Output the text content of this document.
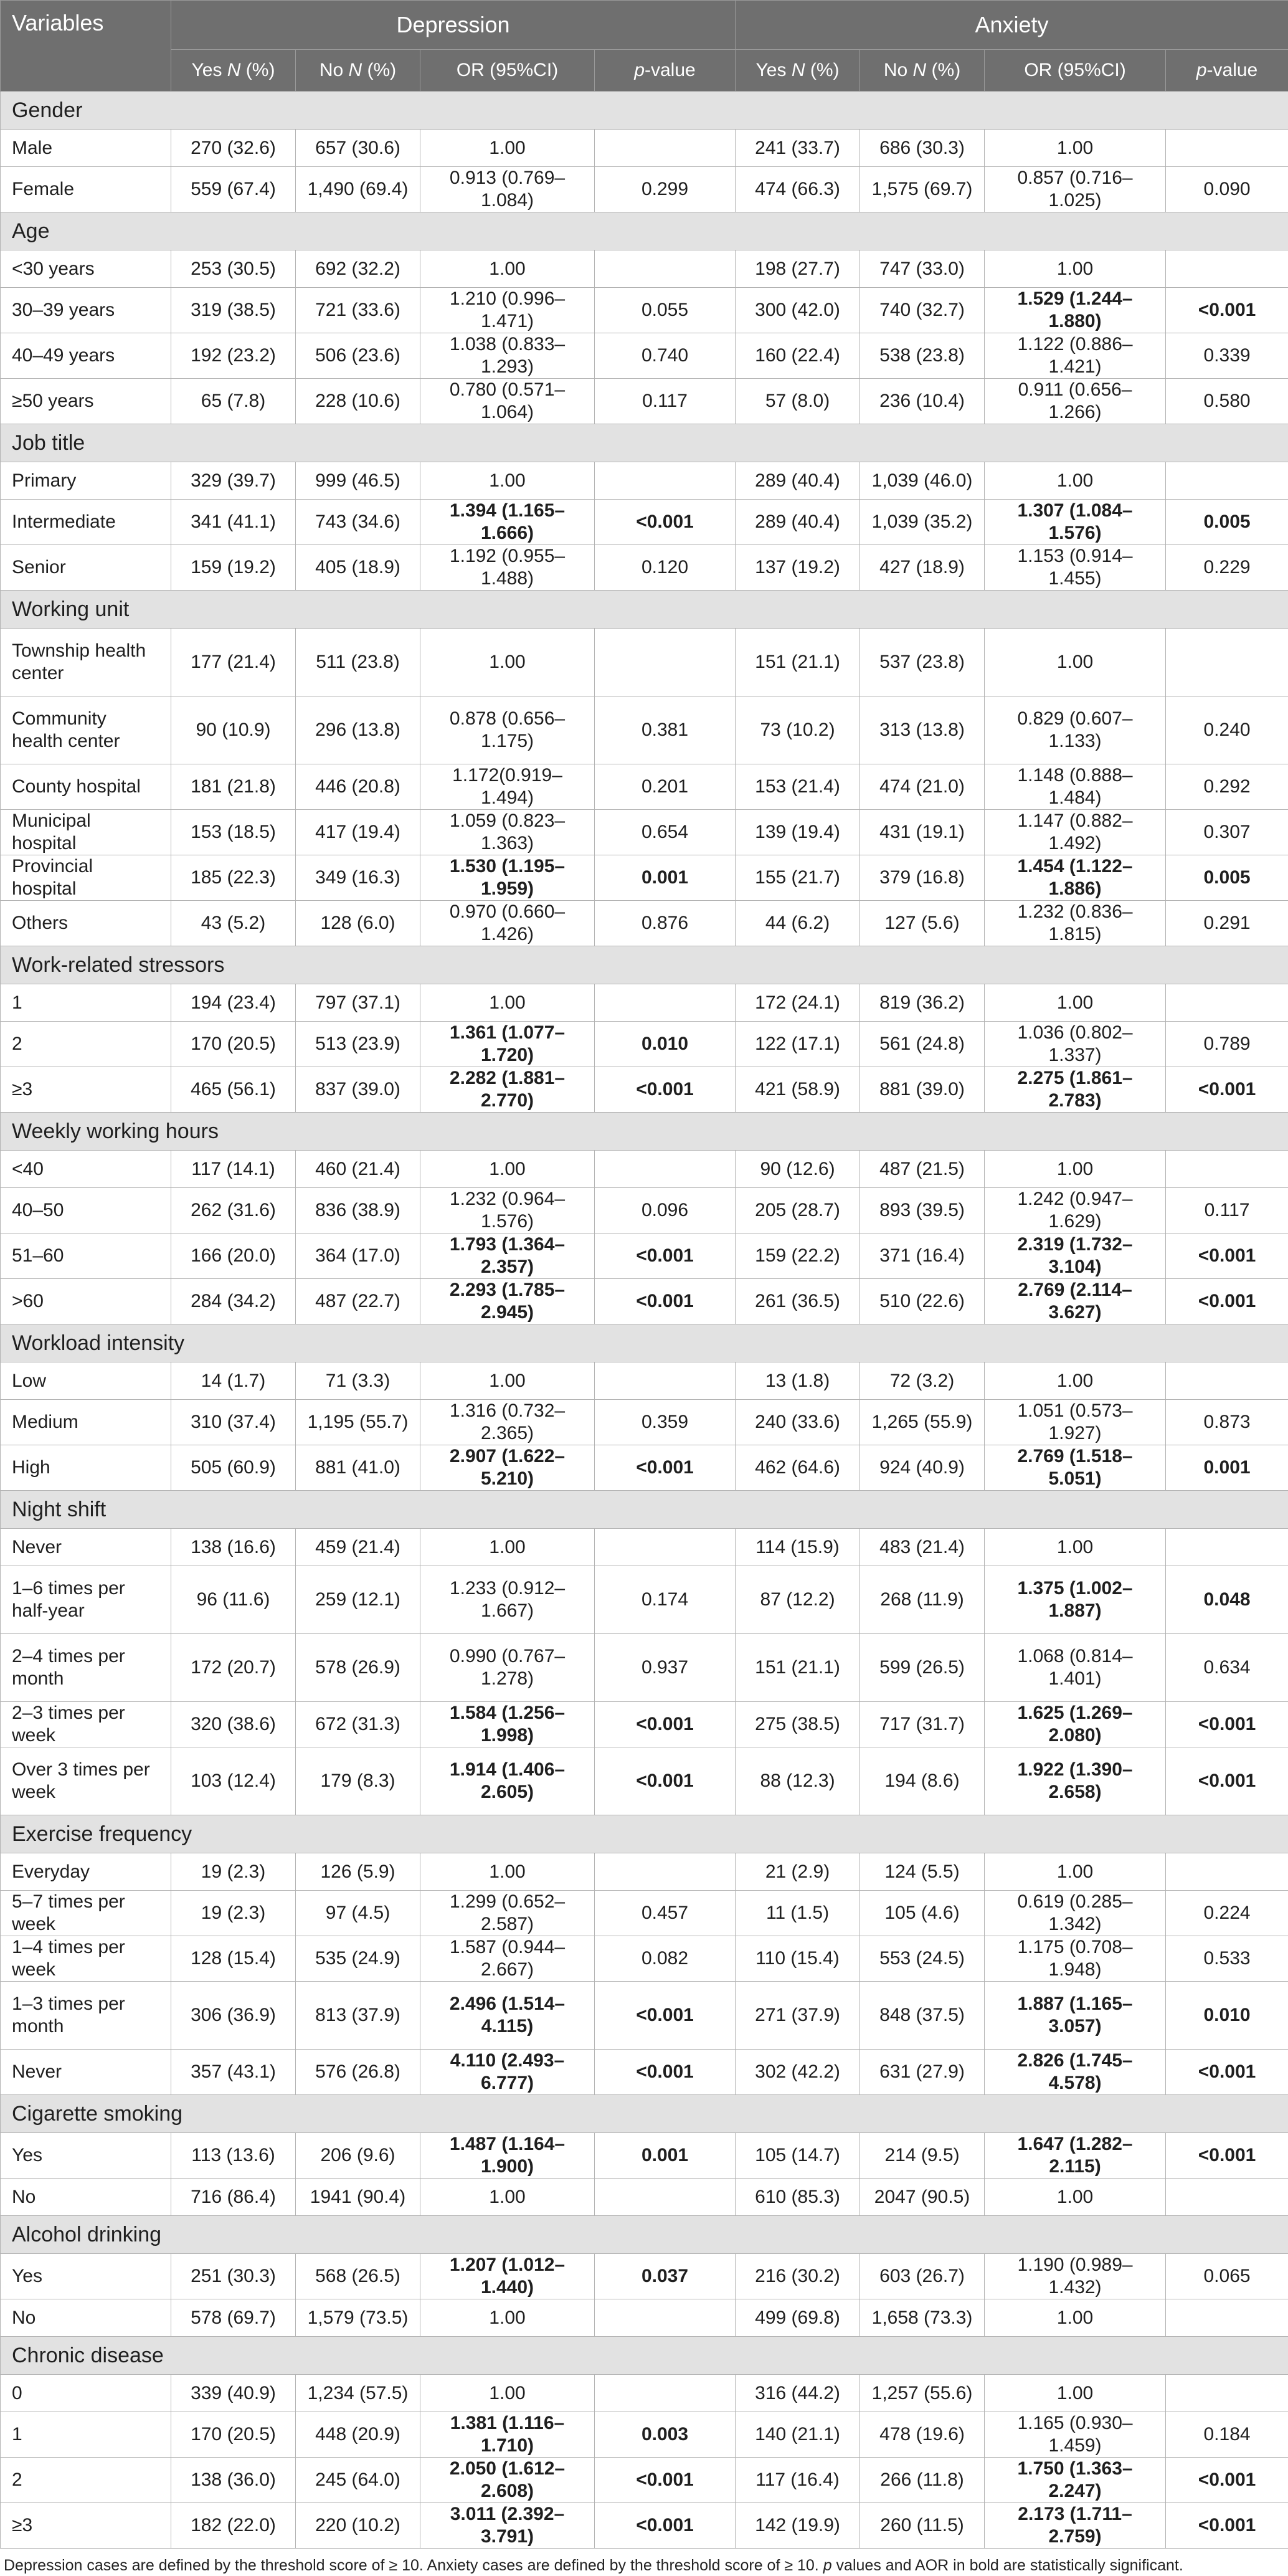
Variables	Depression				Anxiety			
	Yes N (%)	No N (%)	OR (95%CI)	p-value	Yes N (%)	No N (%)	OR (95%CI)	p-value
Gender								
Male	270 (32.6)	657 (30.6)	1.00		241 (33.7)	686 (30.3)	1.00	
Female	559 (67.4)	1,490 (69.4)	0.913 (0.769–1.084)	0.299	474 (66.3)	1,575 (69.7)	0.857 (0.716–1.025)	0.090
Age								
<30 years	253 (30.5)	692 (32.2)	1.00		198 (27.7)	747 (33.0)	1.00	
30–39 years	319 (38.5)	721 (33.6)	1.210 (0.996–1.471)	0.055	300 (42.0)	740 (32.7)	1.529 (1.244–1.880)	<0.001
40–49 years	192 (23.2)	506 (23.6)	1.038 (0.833–1.293)	0.740	160 (22.4)	538 (23.8)	1.122 (0.886–1.421)	0.339
≥50 years	65 (7.8)	228 (10.6)	0.780 (0.571–1.064)	0.117	57 (8.0)	236 (10.4)	0.911 (0.656–1.266)	0.580
Job title								
Primary	329 (39.7)	999 (46.5)	1.00		289 (40.4)	1,039 (46.0)	1.00	
Intermediate	341 (41.1)	743 (34.6)	1.394 (1.165–1.666)	<0.001	289 (40.4)	1,039 (35.2)	1.307 (1.084–1.576)	0.005
Senior	159 (19.2)	405 (18.9)	1.192 (0.955–1.488)	0.120	137 (19.2)	427 (18.9)	1.153 (0.914–1.455)	0.229
Working unit								
Township health center	177 (21.4)	511 (23.8)	1.00		151 (21.1)	537 (23.8)	1.00	
Community health center	90 (10.9)	296 (13.8)	0.878 (0.656–1.175)	0.381	73 (10.2)	313 (13.8)	0.829 (0.607–1.133)	0.240
County hospital	181 (21.8)	446 (20.8)	1.172(0.919–1.494)	0.201	153 (21.4)	474 (21.0)	1.148 (0.888–1.484)	0.292
Municipal hospital	153 (18.5)	417 (19.4)	1.059 (0.823–1.363)	0.654	139 (19.4)	431 (19.1)	1.147 (0.882–1.492)	0.307
Provincial hospital	185 (22.3)	349 (16.3)	1.530 (1.195–1.959)	0.001	155 (21.7)	379 (16.8)	1.454 (1.122–1.886)	0.005
Others	43 (5.2)	128 (6.0)	0.970 (0.660–1.426)	0.876	44 (6.2)	127 (5.6)	1.232 (0.836–1.815)	0.291
Work-related stressors								
1	194 (23.4)	797 (37.1)	1.00		172 (24.1)	819 (36.2)	1.00	
2	170 (20.5)	513 (23.9)	1.361 (1.077–1.720)	0.010	122 (17.1)	561 (24.8)	1.036 (0.802–1.337)	0.789
≥3	465 (56.1)	837 (39.0)	2.282 (1.881–2.770)	<0.001	421 (58.9)	881 (39.0)	2.275 (1.861–2.783)	<0.001
Weekly working hours								
<40	117 (14.1)	460 (21.4)	1.00		90 (12.6)	487 (21.5)	1.00	
40–50	262 (31.6)	836 (38.9)	1.232 (0.964–1.576)	0.096	205 (28.7)	893 (39.5)	1.242 (0.947–1.629)	0.117
51–60	166 (20.0)	364 (17.0)	1.793 (1.364–2.357)	<0.001	159 (22.2)	371 (16.4)	2.319 (1.732–3.104)	<0.001
>60	284 (34.2)	487 (22.7)	2.293 (1.785–2.945)	<0.001	261 (36.5)	510 (22.6)	2.769 (2.114–3.627)	<0.001
Workload intensity								
Low	14 (1.7)	71 (3.3)	1.00		13 (1.8)	72 (3.2)	1.00	
Medium	310 (37.4)	1,195 (55.7)	1.316 (0.732–2.365)	0.359	240 (33.6)	1,265 (55.9)	1.051 (0.573–1.927)	0.873
High	505 (60.9)	881 (41.0)	2.907 (1.622–5.210)	<0.001	462 (64.6)	924 (40.9)	2.769 (1.518–5.051)	0.001
Night shift								
Never	138 (16.6)	459 (21.4)	1.00		114 (15.9)	483 (21.4)	1.00	
1–6 times per half-year	96 (11.6)	259 (12.1)	1.233 (0.912–1.667)	0.174	87 (12.2)	268 (11.9)	1.375 (1.002–1.887)	0.048
2–4 times per month	172 (20.7)	578 (26.9)	0.990 (0.767–1.278)	0.937	151 (21.1)	599 (26.5)	1.068 (0.814–1.401)	0.634
2–3 times per week	320 (38.6)	672 (31.3)	1.584 (1.256–1.998)	<0.001	275 (38.5)	717 (31.7)	1.625 (1.269–2.080)	<0.001
Over 3 times per week	103 (12.4)	179 (8.3)	1.914 (1.406–2.605)	<0.001	88 (12.3)	194 (8.6)	1.922 (1.390–2.658)	<0.001
Exercise frequency								
Everyday	19 (2.3)	126 (5.9)	1.00		21 (2.9)	124 (5.5)	1.00	
5–7 times per week	19 (2.3)	97 (4.5)	1.299 (0.652–2.587)	0.457	11 (1.5)	105 (4.6)	0.619 (0.285–1.342)	0.224
1–4 times per week	128 (15.4)	535 (24.9)	1.587 (0.944–2.667)	0.082	110 (15.4)	553 (24.5)	1.175 (0.708–1.948)	0.533
1–3 times per month	306 (36.9)	813 (37.9)	2.496 (1.514–4.115)	<0.001	271 (37.9)	848 (37.5)	1.887 (1.165–3.057)	0.010
Never	357 (43.1)	576 (26.8)	4.110 (2.493–6.777)	<0.001	302 (42.2)	631 (27.9)	2.826 (1.745–4.578)	<0.001
Cigarette smoking								
Yes	113 (13.6)	206 (9.6)	1.487 (1.164–1.900)	0.001	105 (14.7)	214 (9.5)	1.647 (1.282–2.115)	<0.001
No	716 (86.4)	1941 (90.4)	1.00		610 (85.3)	2047 (90.5)	1.00	
Alcohol drinking								
Yes	251 (30.3)	568 (26.5)	1.207 (1.012–1.440)	0.037	216 (30.2)	603 (26.7)	1.190 (0.989–1.432)	0.065
No	578 (69.7)	1,579 (73.5)	1.00		499 (69.8)	1,658 (73.3)	1.00	
Chronic disease								
0	339 (40.9)	1,234 (57.5)	1.00		316 (44.2)	1,257 (55.6)	1.00	
1	170 (20.5)	448 (20.9)	1.381 (1.116–1.710)	0.003	140 (21.1)	478 (19.6)	1.165 (0.930–1.459)	0.184
2	138 (36.0)	245 (64.0)	2.050 (1.612–2.608)	<0.001	117 (16.4)	266 (11.8)	1.750 (1.363–2.247)	<0.001
≥3	182 (22.0)	220 (10.2)	3.011 (2.392–3.791)	<0.001	142 (19.9)	260 (11.5)	2.173 (1.711–2.759)	<0.001
Depression cases are defined by the threshold score of ≥ 10. Anxiety cases are defined by the threshold score of ≥ 10. p values and AOR in bold are statistically significant.
